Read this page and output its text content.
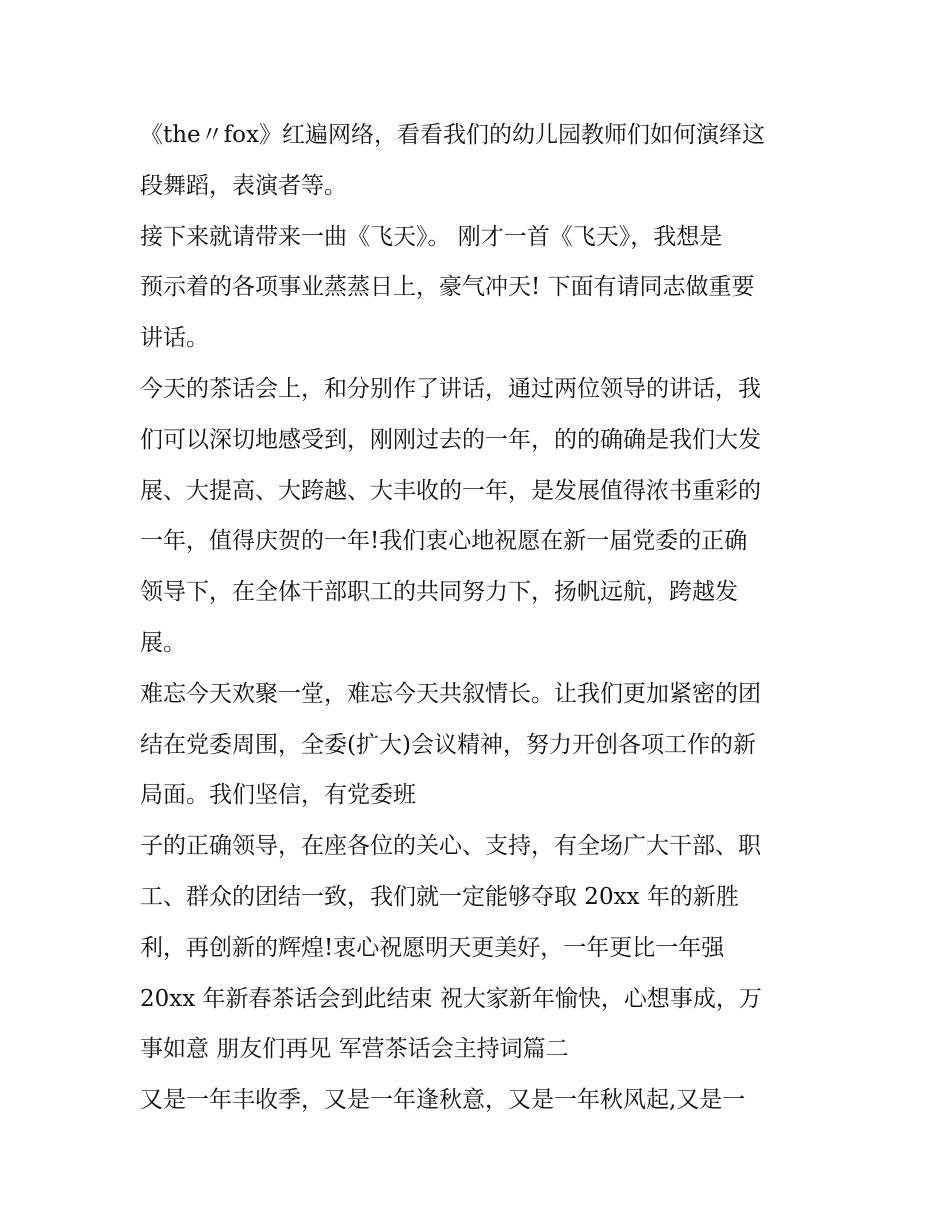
《the〃fox》红遍网络，看看我们的幼儿园教师们如何演绎这
段舞蹈，表演者等。
接下来就请带来一曲《飞天》。 刚才一首《飞天》，我想是
预示着的各项事业蒸蒸日上，豪气冲天! 下面有请同志做重要
讲话。
今天的茶话会上，和分别作了讲话，通过两位领导的讲话，我
们可以深切地感受到，刚刚过去的一年，的的确确是我们大发
展、大提高、大跨越、大丰收的一年，是发展值得浓书重彩的
一年，值得庆贺的一年!我们衷心地祝愿在新一届党委的正确
领导下，在全体干部职工的共同努力下，扬帆远航，跨越发
展。
难忘今天欢聚一堂，难忘今天共叙情长。让我们更加紧密的团
结在党委周围，全委(扩大)会议精神，努力开创各项工作的新
局面。我们坚信，有党委班
子的正确领导，在座各位的关心、支持，有全场广大干部、职
工、群众的团结一致，我们就一定能够夺取 20xx 年的新胜
利，再创新的辉煌!衷心祝愿明天更美好，一年更比一年强
20xx 年新春茶话会到此结束 祝大家新年愉快，心想事成，万
事如意 朋友们再见 军营茶话会主持词篇二
又是一年丰收季，又是一年逢秋意，又是一年秋风起,又是一
